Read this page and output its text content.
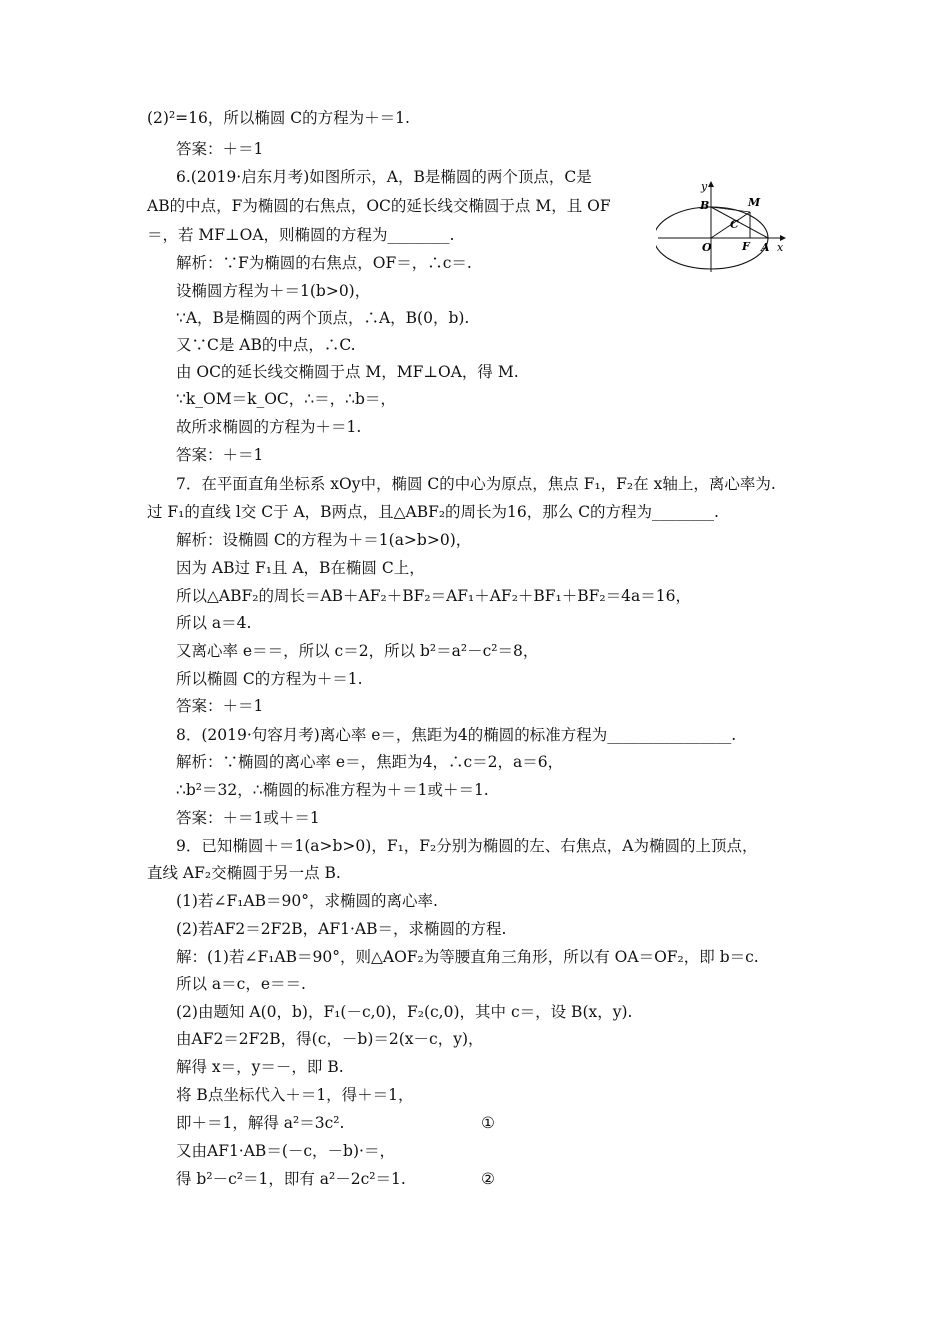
(2)²=16，所以椭圆 C的方程为＋＝1.
答案：＋＝1
6.(2019·启东月考)如图所示，A，B是椭圆的两个顶点，C是
AB的中点，F为椭圆的右焦点，OC的延长线交椭圆于点 M，且 OF
＝，若 MF⊥OA，则椭圆的方程为________.
解析：∵F为椭圆的右焦点，OF＝，∴c＝.
设椭圆方程为＋＝1(b>0)，
∵A，B是椭圆的两个顶点，∴A，B(0，b).
又∵C是 AB的中点，∴C.
由 OC的延长线交椭圆于点 M，MF⊥OA，得 M.
∵k_OM＝k_OC，∴＝，∴b＝，
故所求椭圆的方程为＋＝1.
答案：＋＝1
7．在平面直角坐标系 xOy中，椭圆 C的中心为原点，焦点 F₁，F₂在 x轴上，离心率为.
过 F₁的直线 l交 C于 A，B两点，且△ABF₂的周长为16，那么 C的方程为________.
解析：设椭圆 C的方程为＋＝1(a>b>0)，
因为 AB过 F₁且 A，B在椭圆 C上，
所以△ABF₂的周长＝AB＋AF₂＋BF₂＝AF₁＋AF₂＋BF₁＋BF₂＝4a＝16，
所以 a＝4.
又离心率 e＝＝，所以 c＝2，所以 b²＝a²－c²＝8，
所以椭圆 C的方程为＋＝1.
答案：＋＝1
8．(2019·句容月考)离心率 e＝，焦距为4的椭圆的标准方程为________________.
解析：∵椭圆的离心率 e＝，焦距为4，∴c＝2，a＝6，
∴b²＝32，∴椭圆的标准方程为＋＝1或＋＝1.
答案：＋＝1或＋＝1
9．已知椭圆＋＝1(a>b>0)，F₁，F₂分别为椭圆的左、右焦点，A为椭圆的上顶点，
直线 AF₂交椭圆于另一点 B.
(1)若∠F₁AB＝90°，求椭圆的离心率.
(2)若AF2＝2F2B，AF1·AB＝，求椭圆的方程.
解：(1)若∠F₁AB＝90°，则△AOF₂为等腰直角三角形，所以有 OA＝OF₂，即 b＝c.
所以 a＝c，e＝＝.
(2)由题知 A(0，b)，F₁(－c,0)，F₂(c,0)，其中 c＝，设 B(x，y).
由AF2＝2F2B，得(c，－b)＝2(x－c，y)，
解得 x＝，y＝－，即 B.
将 B点坐标代入＋＝1，得＋＝1，
即＋＝1，解得 a²＝3c².
又由AF1·AB＝(－c，－b)·＝，
得 b²－c²＝1，即有 a²－2c²＝1.
①
②
y
x
O	A
B
C
F
M
